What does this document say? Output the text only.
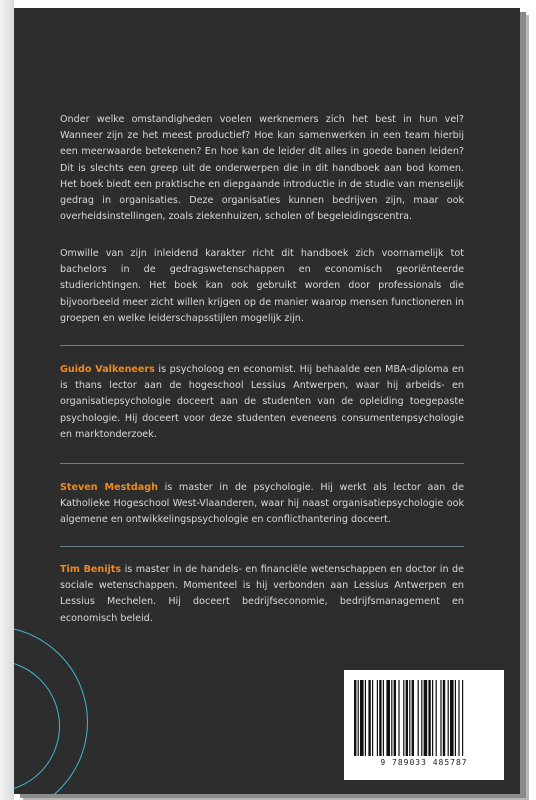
Onder welke omstandigheden voelen werknemers zich het best in hun vel? Wanneer zijn ze het meest productief? Hoe kan samenwerken in een team hierbij een meerwaarde betekenen? En hoe kan de leider dit alles in goede banen leiden? Dit is slechts een greep uit de onderwerpen die in dit handboek aan bod komen. Het boek biedt een praktische en diepgaande introductie in de studie van menselijk gedrag in organisaties. Deze organisaties kunnen bedrijven zijn, maar ook overheidsinstellingen, zoals ziekenhuizen, scholen of begeleidingscentra.
Omwille van zijn inleidend karakter richt dit handboek zich voornamelijk tot bachelors in de gedragswetenschappen en economisch georiënteerde studierichtingen. Het boek kan ook gebruikt worden door professionals die bijvoorbeeld meer zicht willen krijgen op de manier waarop mensen functioneren in groepen en welke leiderschapsstijlen mogelijk zijn.
Guido Valkeneers is psycholoog en economist. Hij behaalde een MBA-diploma en is thans lector aan de hogeschool Lessius Antwerpen, waar hij arbeids- en organisatiepsychologie doceert aan de studenten van de opleiding toegepaste psychologie. Hij doceert voor deze studenten eveneens consumentenpsychologie en marktonderzoek.
Steven Mestdagh is master in de psychologie. Hij werkt als lector aan de Katholieke Hogeschool West-Vlaanderen, waar hij naast organisatiepsychologie ook algemene en ontwikkelingspsychologie en conflicthantering doceert.
Tim Benijts is master in de handels- en financiële wetenschappen en doctor in de sociale wetenschappen. Momenteel is hij verbonden aan Lessius Antwerpen en Lessius Mechelen. Hij doceert bedrijfseconomie, bedrijfsmanagement en economisch beleid.
9 789033 485787
